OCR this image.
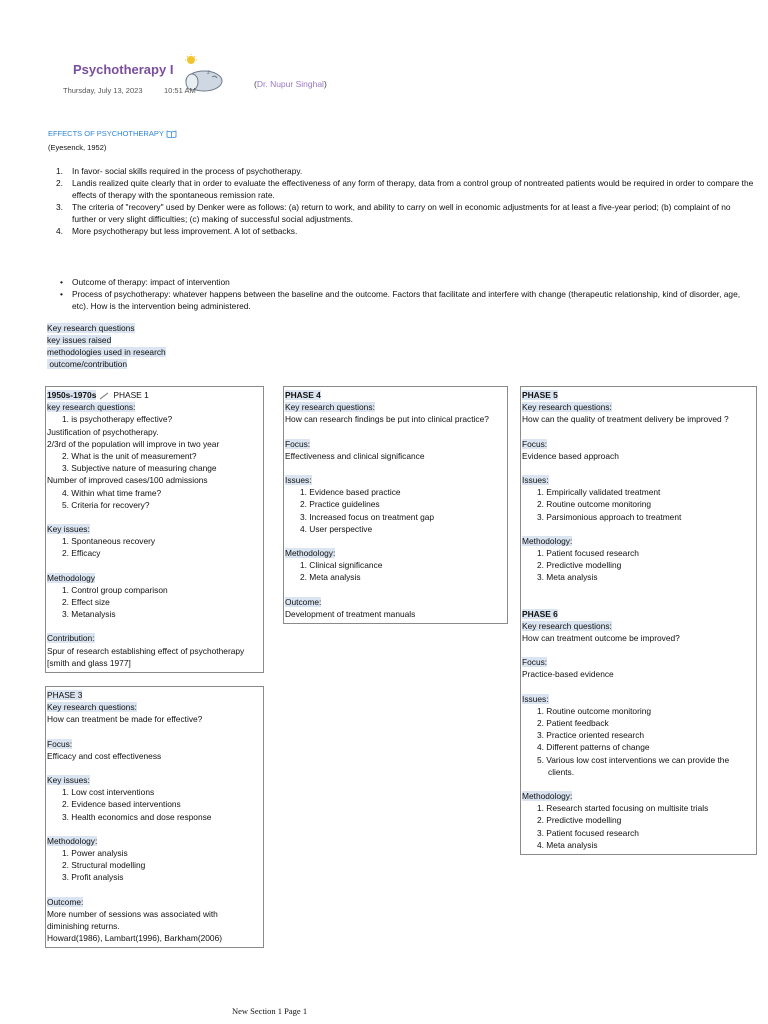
Psychotherapy I	z
Thursday, July 13, 2023	10:51 AM
(Dr. Nupur Singhal)
EFFECTS OF PSYCHOTHERAPY
(Eyesenck, 1952)
1. In favor- social skills required in the process of psychotherapy.
2. Landis realized quite clearly that in order to evaluate the effectiveness of any form of therapy, data from a control group of nontreated patients would be required in order to compare the effects of therapy with the spontaneous remission rate.
3. The criteria of "recovery" used by Denker were as follows: (a) return to work, and ability to carry on well in economic adjustments for at least a five-year period; (b) complaint of no further or very slight difficulties; (c) making of successful social adjustments.
4. More psychotherapy but less improvement. A lot of setbacks.
• Outcome of therapy: impact of intervention
• Process of psychotherapy: whatever happens between the baseline and the outcome. Factors that facilitate and interfere with change (therapeutic relationship, kind of disorder, age, etc). How is the intervention being administered.
Key research questions
key issues raised
methodologies used in research
outcome/contribution
1950s-1970s PHASE 1
key research questions:
1. is psychotherapy effective?
Justification of psychotherapy.
2/3rd of the population will improve in two year
2. What is the unit of measurement?
3. Subjective nature of measuring change
Number of improved cases/100 admissions
4. Within what time frame?
5. Criteria for recovery?
Key issues:
1. Spontaneous recovery
2. Efficacy
Methodology
1. Control group comparison
2. Effect size
3. Metanalysis
Contribution:
Spur of research establishing effect of psychotherapy
[smith and glass 1977]
PHASE 3
Key research questions:
How can treatment be made for effective?
Focus:
Efficacy and cost effectiveness
Key issues:
1. Low cost interventions
2. Evidence based interventions
3. Health economics and dose response
Methodology:
1. Power analysis
2. Structural modelling
3. Profit analysis
Outcome:
More number of sessions was associated with
diminishing returns.
Howard(1986), Lambart(1996), Barkham(2006)
PHASE 4
Key research questions:
How can research findings be put into clinical practice?
Focus:
Effectiveness and clinical significance
Issues:
1. Evidence based practice
2. Practice guidelines
3. Increased focus on treatment gap
4. User perspective
Methodology:
1. Clinical significance
2. Meta analysis
Outcome:
Development of treatment manuals
PHASE 5
Key research questions:
How can the quality of treatment delivery be improved ?
Focus:
Evidence based approach
Issues:
1. Empirically validated treatment
2. Routine outcome monitoring
3. Parsimonious approach to treatment
Methodology:
1. Patient focused research
2. Predictive modelling
3. Meta analysis
PHASE 6
Key research questions:
How can treatment outcome be improved?
Focus:
Practice-based evidence
Issues:
1. Routine outcome monitoring
2. Patient feedback
3. Practice oriented research
4. Different patterns of change
5. Various low cost interventions we can provide the
clients.
Methodology:
1. Research started focusing on multisite trials
2. Predictive modelling
3. Patient focused research
4. Meta analysis
New Section 1 Page 1
